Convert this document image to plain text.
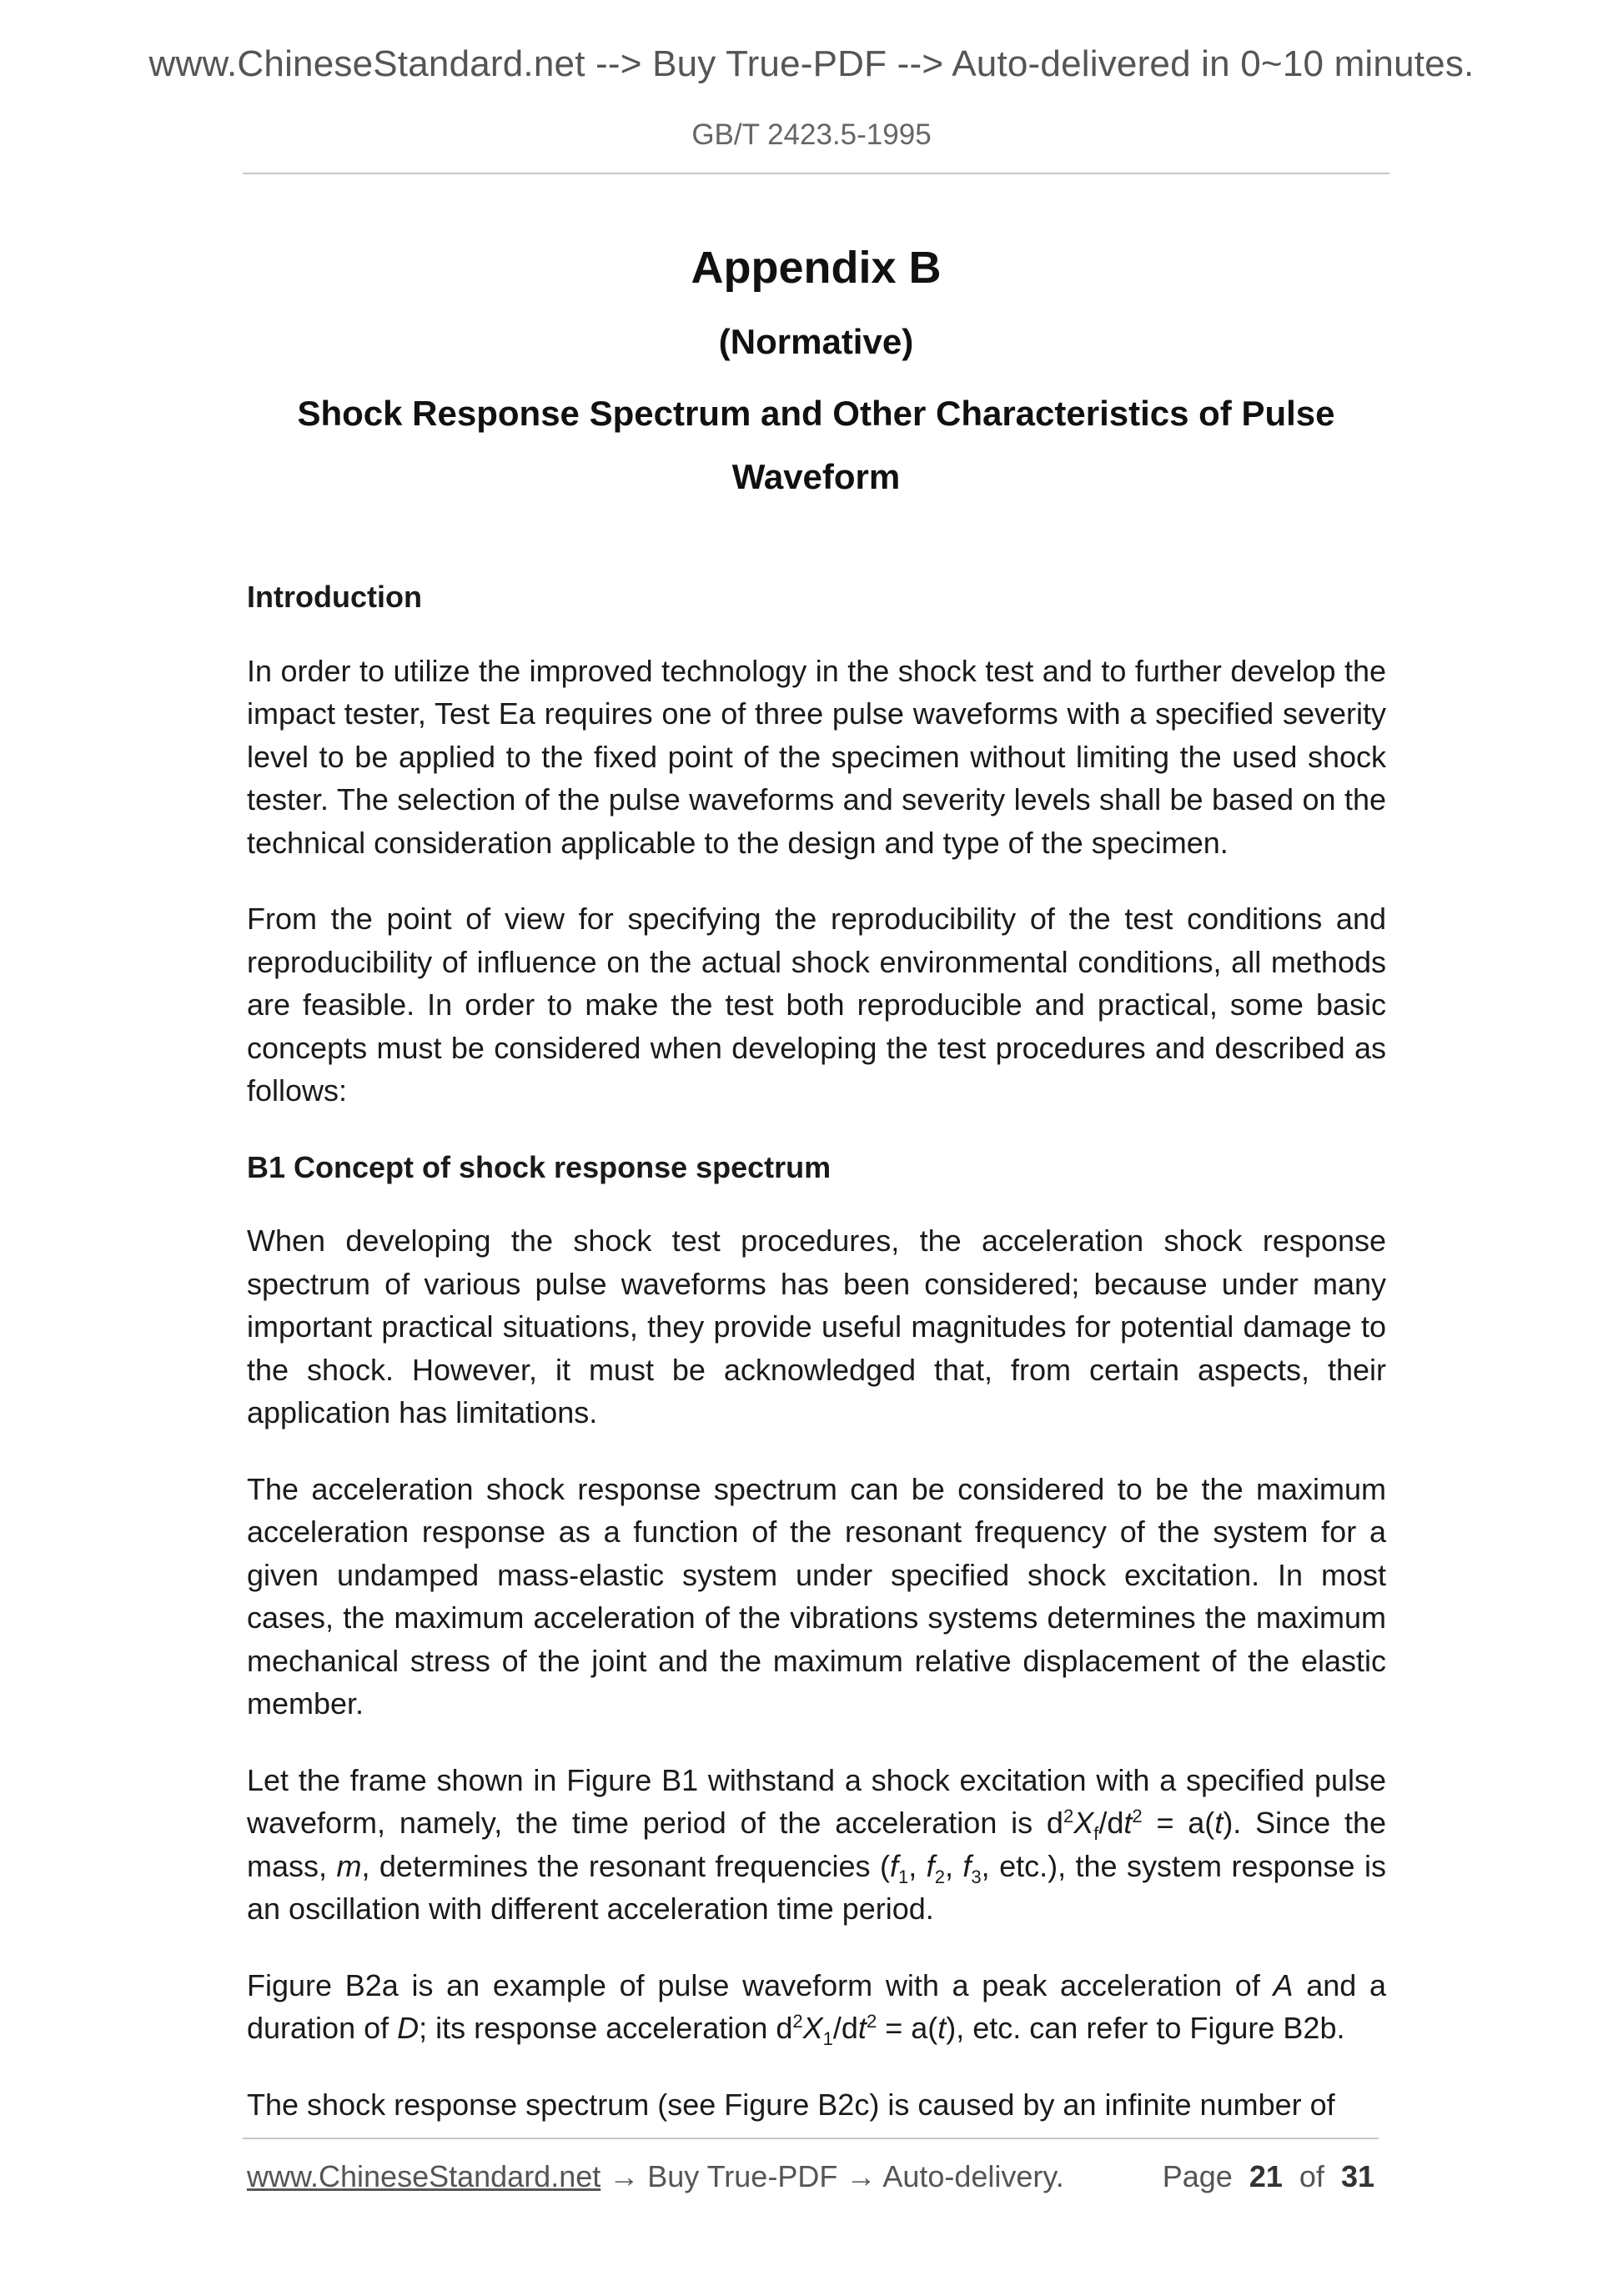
www.ChineseStandard.net --> Buy True-PDF --> Auto-delivered in 0~10 minutes.
GB/T 2423.5-1995
Appendix B
(Normative)
Shock Response Spectrum and Other Characteristics of Pulse Waveform
Introduction

In order to utilize the improved technology in the shock test and to further develop the impact tester, Test Ea requires one of three pulse waveforms with a specified severity level to be applied to the fixed point of the specimen without limiting the used shock tester. The selection of the pulse waveforms and severity levels shall be based on the technical consideration applicable to the design and type of the specimen.

From the point of view for specifying the reproducibility of the test conditions and reproducibility of influence on the actual shock environmental conditions, all methods are feasible. In order to make the test both reproducible and practical, some basic concepts must be considered when developing the test procedures and described as follows:

B1 Concept of shock response spectrum

When developing the shock test procedures, the acceleration shock response spectrum of various pulse waveforms has been considered; because under many important practical situations, they provide useful magnitudes for potential damage to the shock. However, it must be acknowledged that, from certain aspects, their application has limitations.

The acceleration shock response spectrum can be considered to be the maximum acceleration response as a function of the resonant frequency of the system for a given undamped mass-elastic system under specified shock excitation. In most cases, the maximum acceleration of the vibrations systems determines the maximum mechanical stress of the joint and the maximum relative displacement of the elastic member.

Let the frame shown in Figure B1 withstand a shock excitation with a specified pulse waveform, namely, the time period of the acceleration is $d^2X_f/dt^2 = a(t)$. Since the mass, m, determines the resonant frequencies ($f_1$, $f_2$, $f_3$, etc.), the system response is an oscillation with different acceleration time period.

Figure B2a is an example of pulse waveform with a peak acceleration of A and a duration of D; its response acceleration $d^2X_1/dt^2 = a(t)$, etc. can refer to Figure B2b.

The shock response spectrum (see Figure B2c) is caused by an infinite number of

www.ChineseStandard.net → Buy True-PDF → Auto-delivery.	Page 21 of 31
